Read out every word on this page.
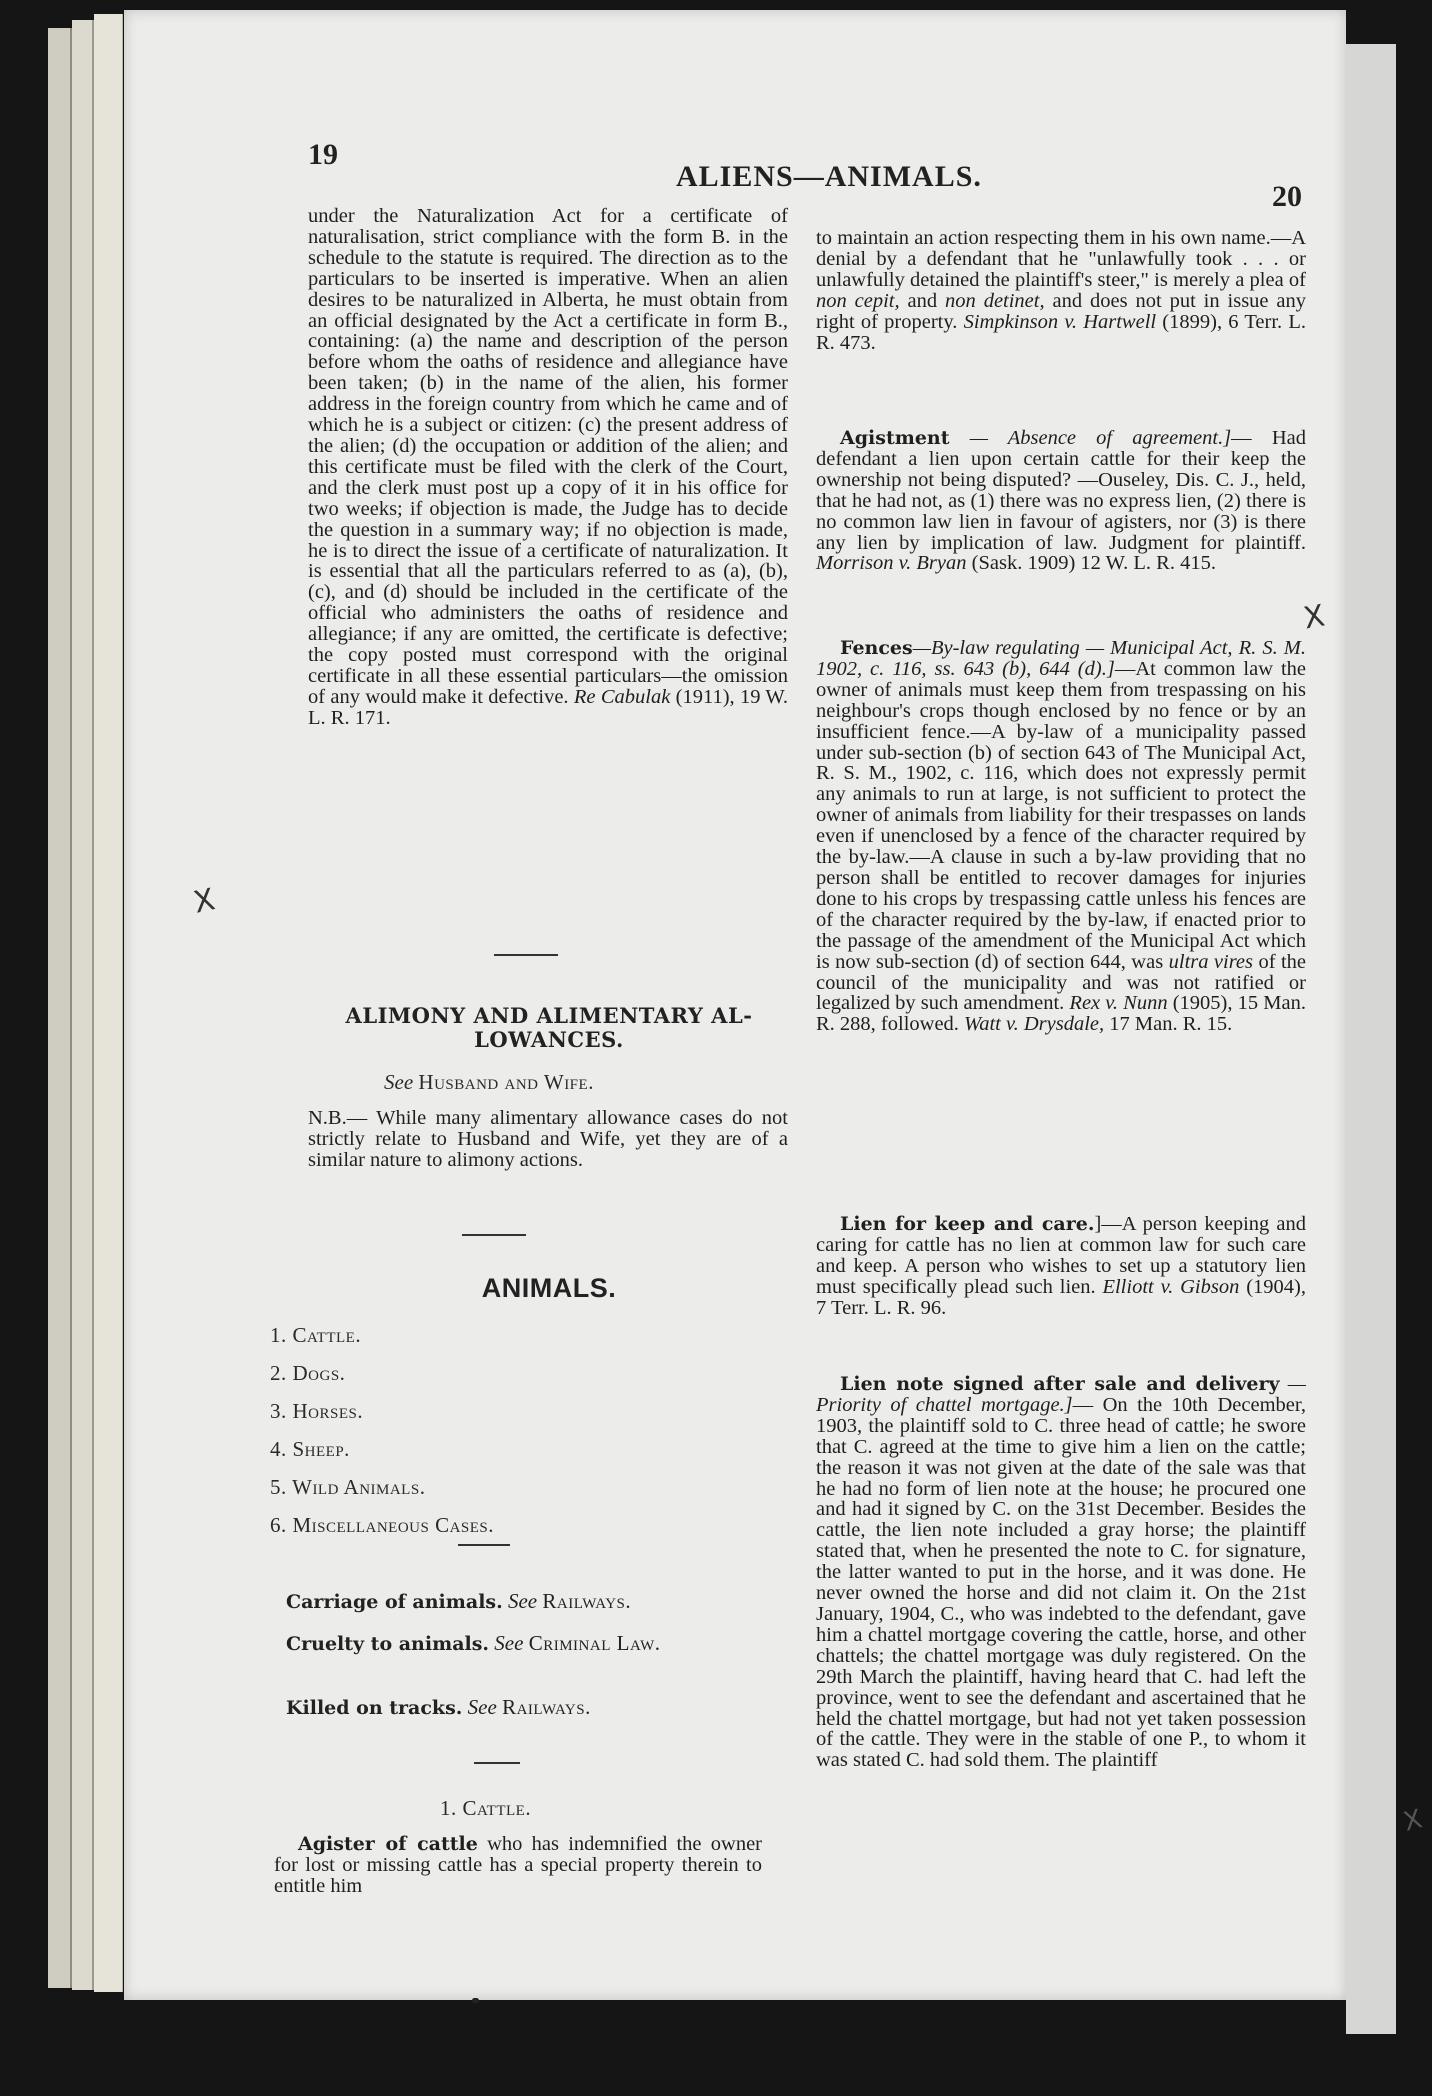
19
ALIENS—ANIMALS.
20

under the Naturalization Act for a certificate of naturalisation, strict compliance with the form B. in the schedule to the statute is required. The direction as to the particulars to be inserted is imperative. When an alien desires to be naturalized in Alberta, he must obtain from an official designated by the Act a certificate in form B., containing: (a) the name and description of the person before whom the oaths of residence and allegiance have been taken; (b) in the name of the alien, his former address in the foreign country from which he came and of which he is a subject or citizen: (c) the present address of the alien; (d) the occupation or addition of the alien; and this certificate must be filed with the clerk of the Court, and the clerk must post up a copy of it in his office for two weeks; if objection is made, the Judge has to decide the question in a summary way; if no objection is made, he is to direct the issue of a certificate of naturalization. It is essential that all the particulars referred to as (a), (b), (c), and (d) should be included in the certificate of the official who administers the oaths of residence and allegiance; if any are omitted, the certificate is defective; the copy posted must correspond with the original certificate in all these essential particulars—the omission of any would make it defective. Re Cabulak (1911), 19 W. L. R. 171.

ALIMONY AND ALIMENTARY AL-
LOWANCES.
See Husband and Wife.

N.B.— While many alimentary allowance cases do not strictly relate to Husband and Wife, yet they are of a similar nature to alimony actions.

ANIMALS.
1. Cattle.
2. Dogs.
3. Horses.
4. Sheep.
5. Wild Animals.
6. Miscellaneous Cases.
Carriage of animals. See Railways.
Cruelty to animals. See Criminal Law.
Killed on tracks. See Railways.
1. Cattle.

Agister of cattle who has indemnified the owner for lost or missing cattle has a special property therein to entitle him

to maintain an action respecting them in his own name.—A denial by a defendant that he "unlawfully took . . . or unlawfully detained the plaintiff's steer," is merely a plea of non cepit, and non detinet, and does not put in issue any right of property. Simpkinson v. Hartwell (1899), 6 Terr. L. R. 473.

Agistment — Absence of agreement.]— Had defendant a lien upon certain cattle for their keep the ownership not being disputed? —Ouseley, Dis. C. J., held, that he had not, as (1) there was no express lien, (2) there is no common law lien in favour of agisters, nor (3) is there any lien by implication of law. Judgment for plaintiff. Morrison v. Bryan (Sask. 1909) 12 W. L. R. 415.

Fences—By-law regulating — Municipal Act, R. S. M. 1902, c. 116, ss. 643 (b), 644 (d).]—At common law the owner of animals must keep them from trespassing on his neighbour's crops though enclosed by no fence or by an insufficient fence.—A by-law of a municipality passed under sub-section (b) of section 643 of The Municipal Act, R. S. M., 1902, c. 116, which does not expressly permit any animals to run at large, is not sufficient to protect the owner of animals from liability for their trespasses on lands even if unenclosed by a fence of the character required by the by-law.—A clause in such a by-law providing that no person shall be entitled to recover damages for injuries done to his crops by trespassing cattle unless his fences are of the character required by the by-law, if enacted prior to the passage of the amendment of the Municipal Act which is now sub-section (d) of section 644, was ultra vires of the council of the municipality and was not ratified or legalized by such amendment. Rex v. Nunn (1905), 15 Man. R. 288, followed. Watt v. Drysdale, 17 Man. R. 15.

Lien for keep and care.]—A person keeping and caring for cattle has no lien at common law for such care and keep. A person who wishes to set up a statutory lien must specifically plead such lien. Elliott v. Gibson (1904), 7 Terr. L. R. 96.

Lien note signed after sale and delivery — Priority of chattel mortgage.]— On the 10th December, 1903, the plaintiff sold to C. three head of cattle; he swore that C. agreed at the time to give him a lien on the cattle; the reason it was not given at the date of the sale was that he had no form of lien note at the house; he procured one and had it signed by C. on the 31st December. Besides the cattle, the lien note included a gray horse; the plaintiff stated that, when he presented the note to C. for signature, the latter wanted to put in the horse, and it was done. He never owned the horse and did not claim it. On the 21st January, 1904, C., who was indebted to the defendant, gave him a chattel mortgage covering the cattle, horse, and other chattels; the chattel mortgage was duly registered. On the 29th March the plaintiff, having heard that C. had left the province, went to see the defendant and ascertained that he held the chattel mortgage, but had not yet taken possession of the cattle. They were in the stable of one P., to whom it was stated C. had sold them. The plaintiff

X
X
X
